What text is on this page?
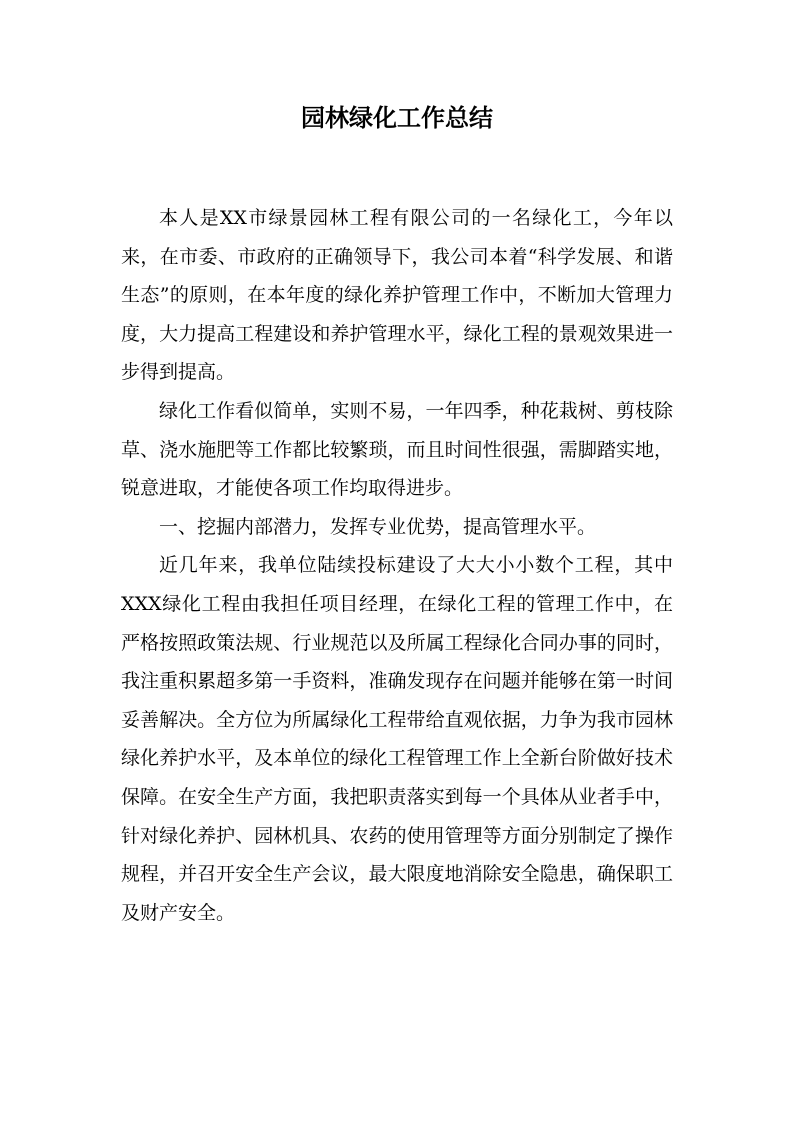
园林绿化工作总结

本人是XX市绿景园林工程有限公司的一名绿化工，今年以来，在市委、市政府的正确领导下，我公司本着“科学发展、和谐生态”的原则，在本年度的绿化养护管理工作中，不断加大管理力度，大力提高工程建设和养护管理水平，绿化工程的景观效果进一步得到提高。

绿化工作看似简单，实则不易，一年四季，种花栽树、剪枝除草、浇水施肥等工作都比较繁琐，而且时间性很强，需脚踏实地，锐意进取，才能使各项工作均取得进步。

一、挖掘内部潜力，发挥专业优势，提高管理水平。

近几年来，我单位陆续投标建设了大大小小数个工程，其中XXX绿化工程由我担任项目经理，在绿化工程的管理工作中，在严格按照政策法规、行业规范以及所属工程绿化合同办事的同时，我注重积累超多第一手资料，准确发现存在问题并能够在第一时间妥善解决。全方位为所属绿化工程带给直观依据，力争为我市园林绿化养护水平，及本单位的绿化工程管理工作上全新台阶做好技术保障。在安全生产方面，我把职责落实到每一个具体从业者手中，针对绿化养护、园林机具、农药的使用管理等方面分别制定了操作规程，并召开安全生产会议，最大限度地消除安全隐患，确保职工及财产安全。
